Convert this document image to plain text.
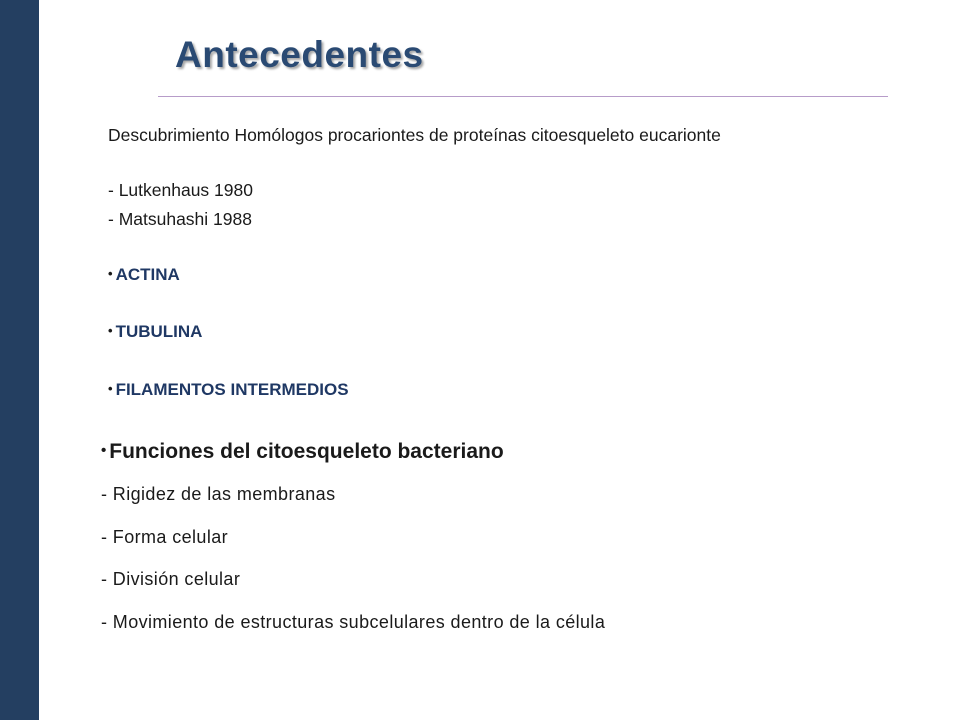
Antecedentes
Descubrimiento Homólogos procariontes de proteínas citoesqueleto eucarionte
- Lutkenhaus 1980
- Matsuhashi 1988
• ACTINA
• TUBULINA
• FILAMENTOS INTERMEDIOS
• Funciones del citoesqueleto bacteriano
- Rigidez de las membranas
- Forma celular
- División celular
- Movimiento de estructuras subcelulares dentro de la célula
